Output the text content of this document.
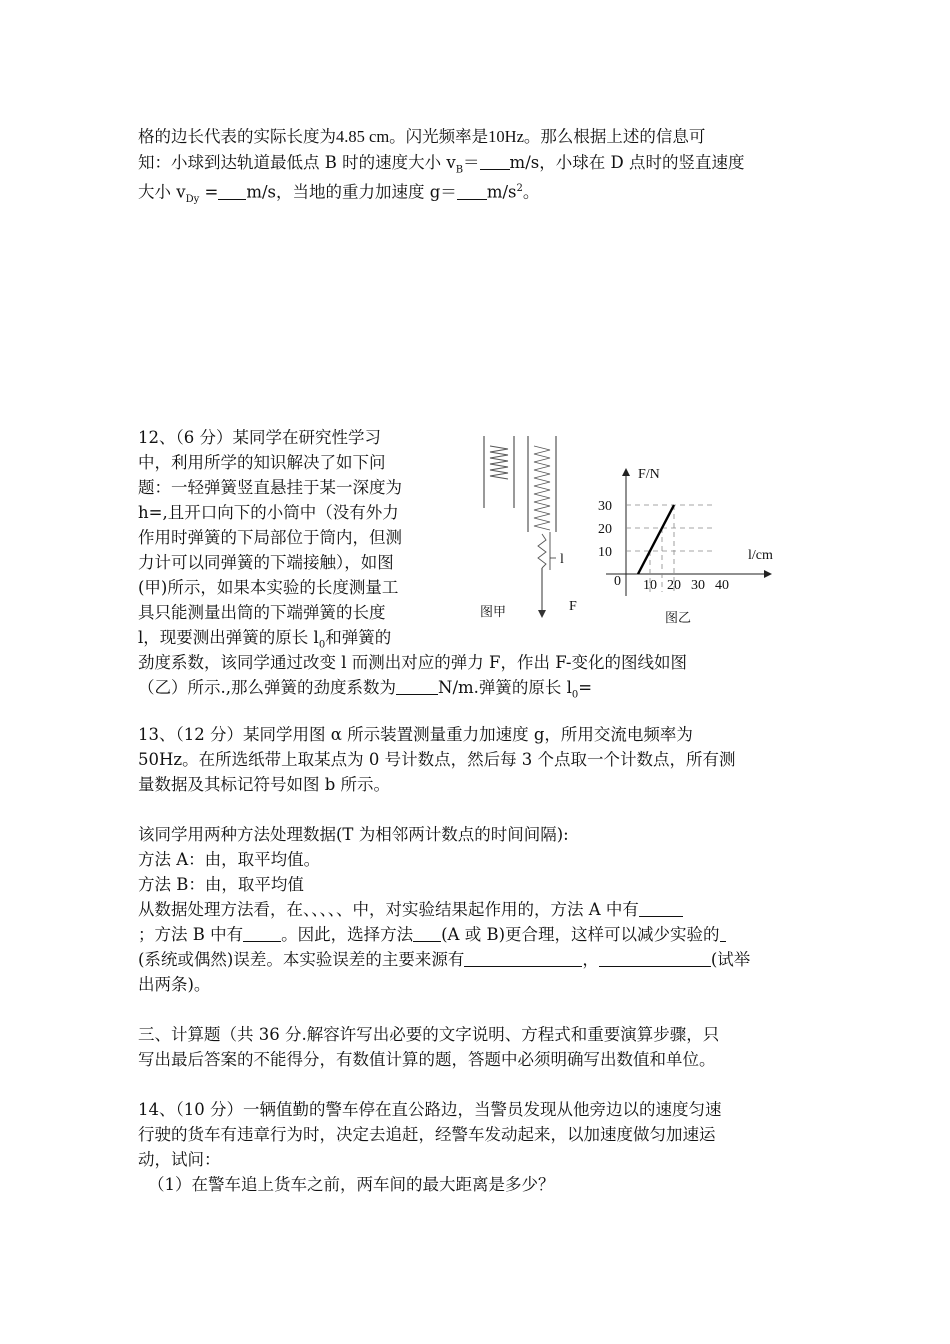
格的边长代表的实际长度为4.85 cm。闪光频率是10Hz。那么根据上述的信息可
知：小球到达轨道最低点 B 时的速度大小 $v_B= m/s$，小球在 D 点时的竖直速度
大小 $v_{Dy} = m/s$，当地的重力加速度 $g= m/s^2$。
12、（6 分）某同学在研究性学习
中，利用所学的知识解决了如下问
题：一轻弹簧竖直悬挂于某一深度为
h=,且开口向下的小筒中（没有外力
作用时弹簧的下局部位于筒内，但测
力计可以同弹簧的下端接触），如图
(甲)所示，如果本实验的长度测量工
具只能测量出筒的下端弹簧的长度
l，现要测出弹簧的原长 $l_0$和弹簧的
劲度系数，该同学通过改变 l 而测出对应的弹力 F，作出 F-变化的图线如图
（乙）所示.,那么弹簧的劲度系数为	N/m.弹簧的原长 $l_0=$
l
F
图甲
10 20 30 40
10
20
30
F/N
l/cm
0
图乙
13、（12 分）某同学用图 α 所示装置测量重力加速度 g，所用交流电频率为
50Hz。在所选纸带上取某点为 0 号计数点，然后每 3 个点取一个计数点，所有测
量数据及其标记符号如图 b 所示。
该同学用两种方法处理数据(T 为相邻两计数点的时间间隔):
方法 A：由，取平均值。
方法 B：由，取平均值
从数据处理方法看，在、、、、、中，对实验结果起作用的，方法 A 中有
；方法 B 中有 。因此，选择方法 (A 或 B)更合理，这样可以减少实验的
(系统或偶然)误差。本实验误差的主要来源有	，	(试举
出两条)。
三、计算题（共 36 分.解容许写出必要的文字说明、方程式和重要演算步骤，只
写出最后答案的不能得分，有数值计算的题，答题中必须明确写出数值和单位。
14、（10 分）一辆值勤的警车停在直公路边，当警员发现从他旁边以的速度匀速
行驶的货车有违章行为时，决定去追赶，经警车发动起来，以加速度做匀加速运
动，试问：
（1）在警车追上货车之前，两车间的最大距离是多少？
